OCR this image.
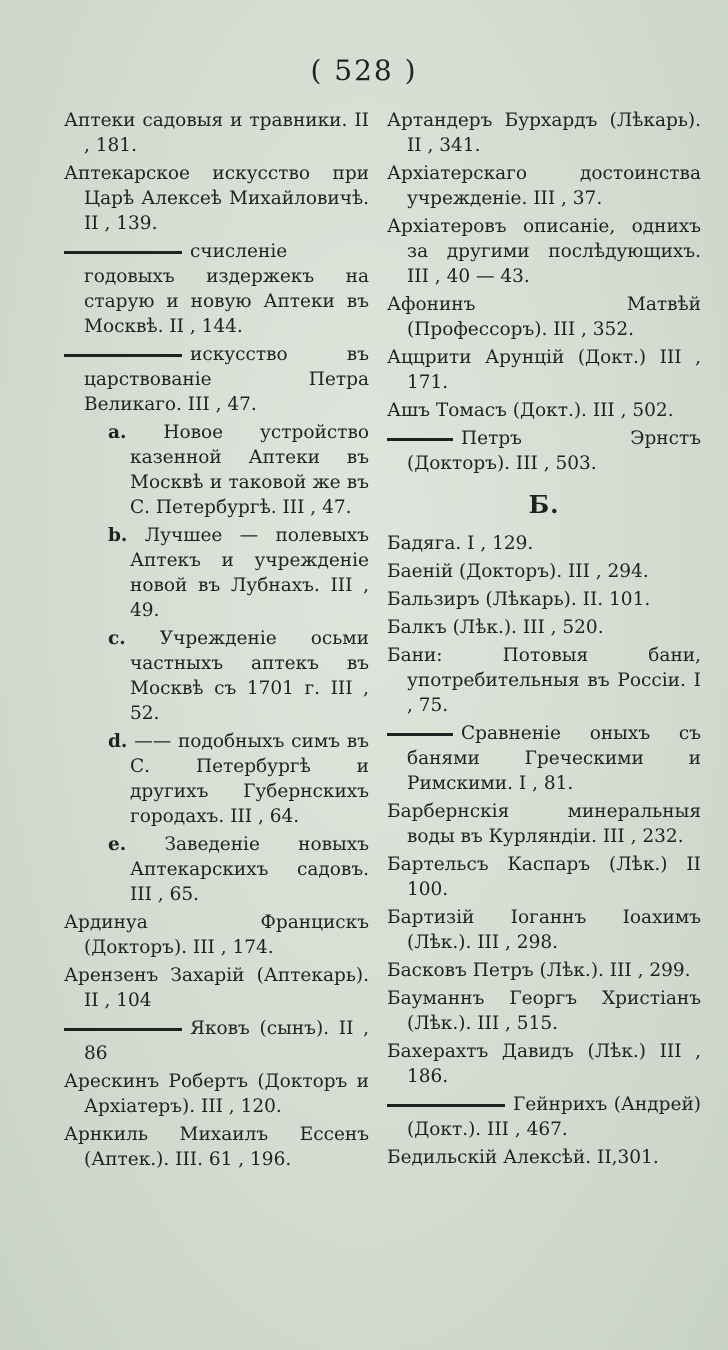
( 528 )
Аптеки садовыя и травники. II , 181.
Аптекарское искусство при Царѣ Алексеѣ Михайловичѣ. II , 139.
счисленіе годовыхъ издержекъ на старую и новую Аптеки въ Москвѣ. II , 144.
искусство въ царствованіе Петра Великаго. III , 47.
a. Новое устройство казенной Аптеки въ Москвѣ и таковой же въ С. Петербургѣ. III , 47.
b. Лучшее — полевыхъ Аптекъ и учрежденіе новой въ Лубнахъ. III , 49.
c. Учрежденіе осьми частныхъ аптекъ въ Москвѣ съ 1701 г. III , 52.
d. —— подобныхъ симъ въ С. Петербургѣ и другихъ Губернскихъ городахъ. III , 64.
e. Заведеніе новыхъ Аптекарскихъ садовъ. III , 65.
Ардинуа Францискъ (Докторъ). III , 174.
Арензенъ Захарій (Аптекарь). II , 104
Яковъ (сынъ). II , 86
Арескинъ Робертъ (Докторъ и Архіатеръ). III , 120.
Арнкиль Михаилъ Ессенъ (Аптек.). III. 61 , 196.
Артандеръ Бурхардъ (Лѣкарь). II , 341.
Архіатерскаго достоинства учрежденіе. III , 37.
Архіатеровъ описаніе, однихъ за другими послѣдующихъ. III , 40 — 43.
Афонинъ Матвѣй (Профессоръ). III , 352.
Аццрити Арунцій (Докт.) III , 171.
Ашъ Томасъ (Докт.). III , 502.
Петръ Эрнстъ (Докторъ). III , 503.
Б.
Бадяга. I , 129.
Баеній (Докторъ). III , 294.
Бальзиръ (Лѣкарь). II. 101.
Балкъ (Лѣк.). III , 520.
Бани: Потовыя бани, употребительныя въ Россіи. I , 75.
Сравненіе оныхъ съ банями Греческими и Римскими. I , 81.
Барбернскія минеральныя воды въ Курляндіи. III , 232.
Бартельсъ Каспаръ (Лѣк.) II 100.
Бартизій Іоганнъ Іоахимъ (Лѣк.). III , 298.
Басковъ Петръ (Лѣк.). III , 299.
Бауманнъ Георгъ Христіанъ (Лѣк.). III , 515.
Бахерахтъ Давидъ (Лѣк.) III , 186.
Гейнрихъ (Андрей) (Докт.). III , 467.
Бедильскій Алексѣй. II,301.
